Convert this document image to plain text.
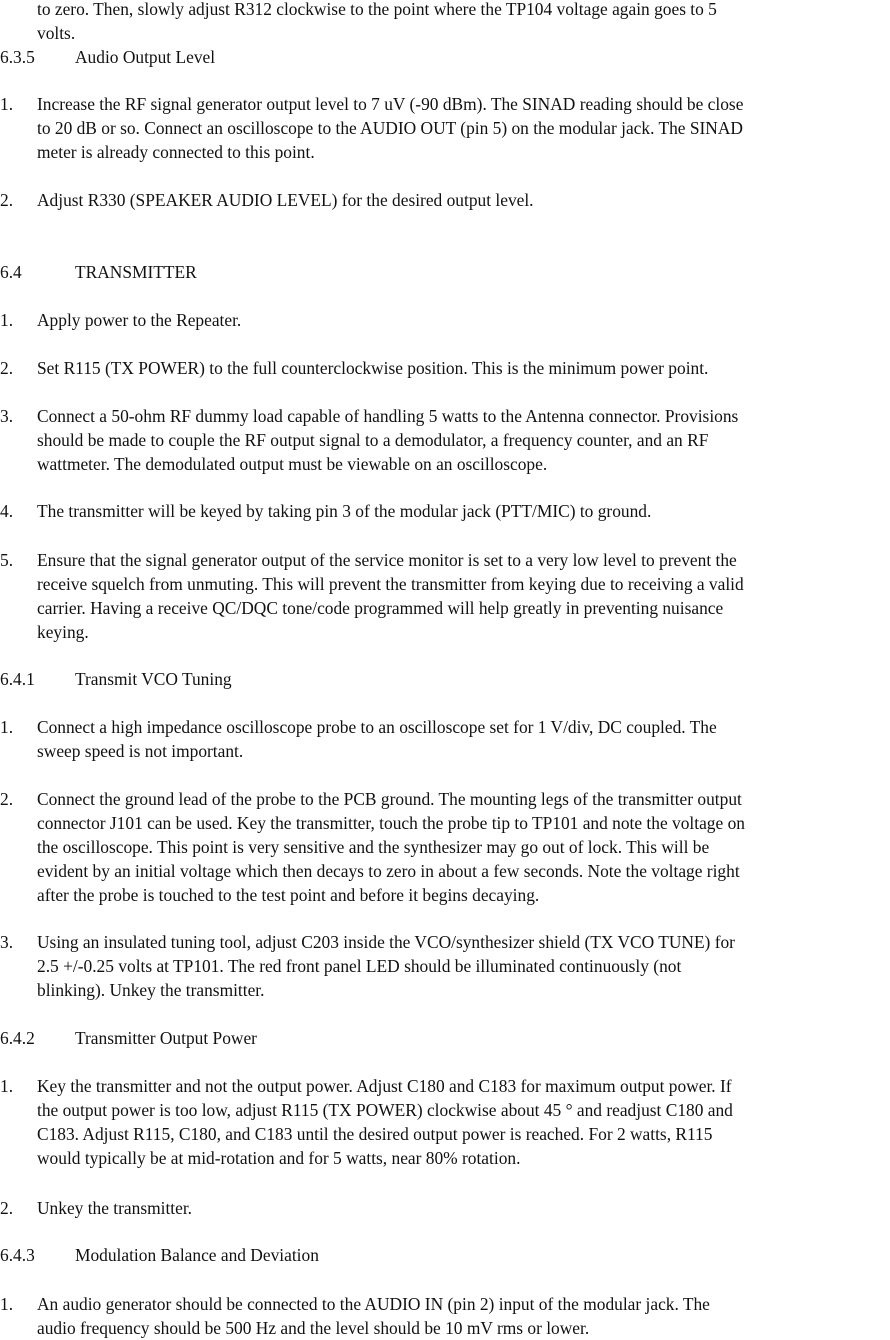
to zero. Then, slowly adjust R312 clockwise to the point where the TP104 voltage again goes to 5
volts.
6.3.5 Audio Output Level
1. Increase the RF signal generator output level to 7 uV (-90 dBm). The SINAD reading should be close
to 20 dB or so. Connect an oscilloscope to the AUDIO OUT (pin 5) on the modular jack. The SINAD
meter is already connected to this point.
2. Adjust R330 (SPEAKER AUDIO LEVEL) for the desired output level.
6.4	TRANSMITTER
1. Apply power to the Repeater.
2. Set R115 (TX POWER) to the full counterclockwise position. This is the minimum power point.
3. Connect a 50-ohm RF dummy load capable of handling 5 watts to the Antenna connector. Provisions
should be made to couple the RF output signal to a demodulator, a frequency counter, and an RF
wattmeter. The demodulated output must be viewable on an oscilloscope.
4. The transmitter will be keyed by taking pin 3 of the modular jack (PTT/MIC) to ground.
5. Ensure that the signal generator output of the service monitor is set to a very low level to prevent the
receive squelch from unmuting. This will prevent the transmitter from keying due to receiving a valid
carrier. Having a receive QC/DQC tone/code programmed will help greatly in preventing nuisance
keying.
6.4.1 Transmit VCO Tuning
1. Connect a high impedance oscilloscope probe to an oscilloscope set for 1 V/div, DC coupled. The
sweep speed is not important.
2. Connect the ground lead of the probe to the PCB ground. The mounting legs of the transmitter output
connector J101 can be used. Key the transmitter, touch the probe tip to TP101 and note the voltage on
the oscilloscope. This point is very sensitive and the synthesizer may go out of lock. This will be
evident by an initial voltage which then decays to zero in about a few seconds. Note the voltage right
after the probe is touched to the test point and before it begins decaying.
3. Using an insulated tuning tool, adjust C203 inside the VCO/synthesizer shield (TX VCO TUNE) for
2.5 +/-0.25 volts at TP101. The red front panel LED should be illuminated continuously (not
blinking). Unkey the transmitter.
6.4.2 Transmitter Output Power
1. Key the transmitter and not the output power. Adjust C180 and C183 for maximum output power. If
the output power is too low, adjust R115 (TX POWER) clockwise about 45 ° and readjust C180 and
C183. Adjust R115, C180, and C183 until the desired output power is reached. For 2 watts, R115
would typically be at mid-rotation and for 5 watts, near 80% rotation.
2. Unkey the transmitter.
6.4.3 Modulation Balance and Deviation
1. An audio generator should be connected to the AUDIO IN (pin 2) input of the modular jack. The
audio frequency should be 500 Hz and the level should be 10 mV rms or lower.
